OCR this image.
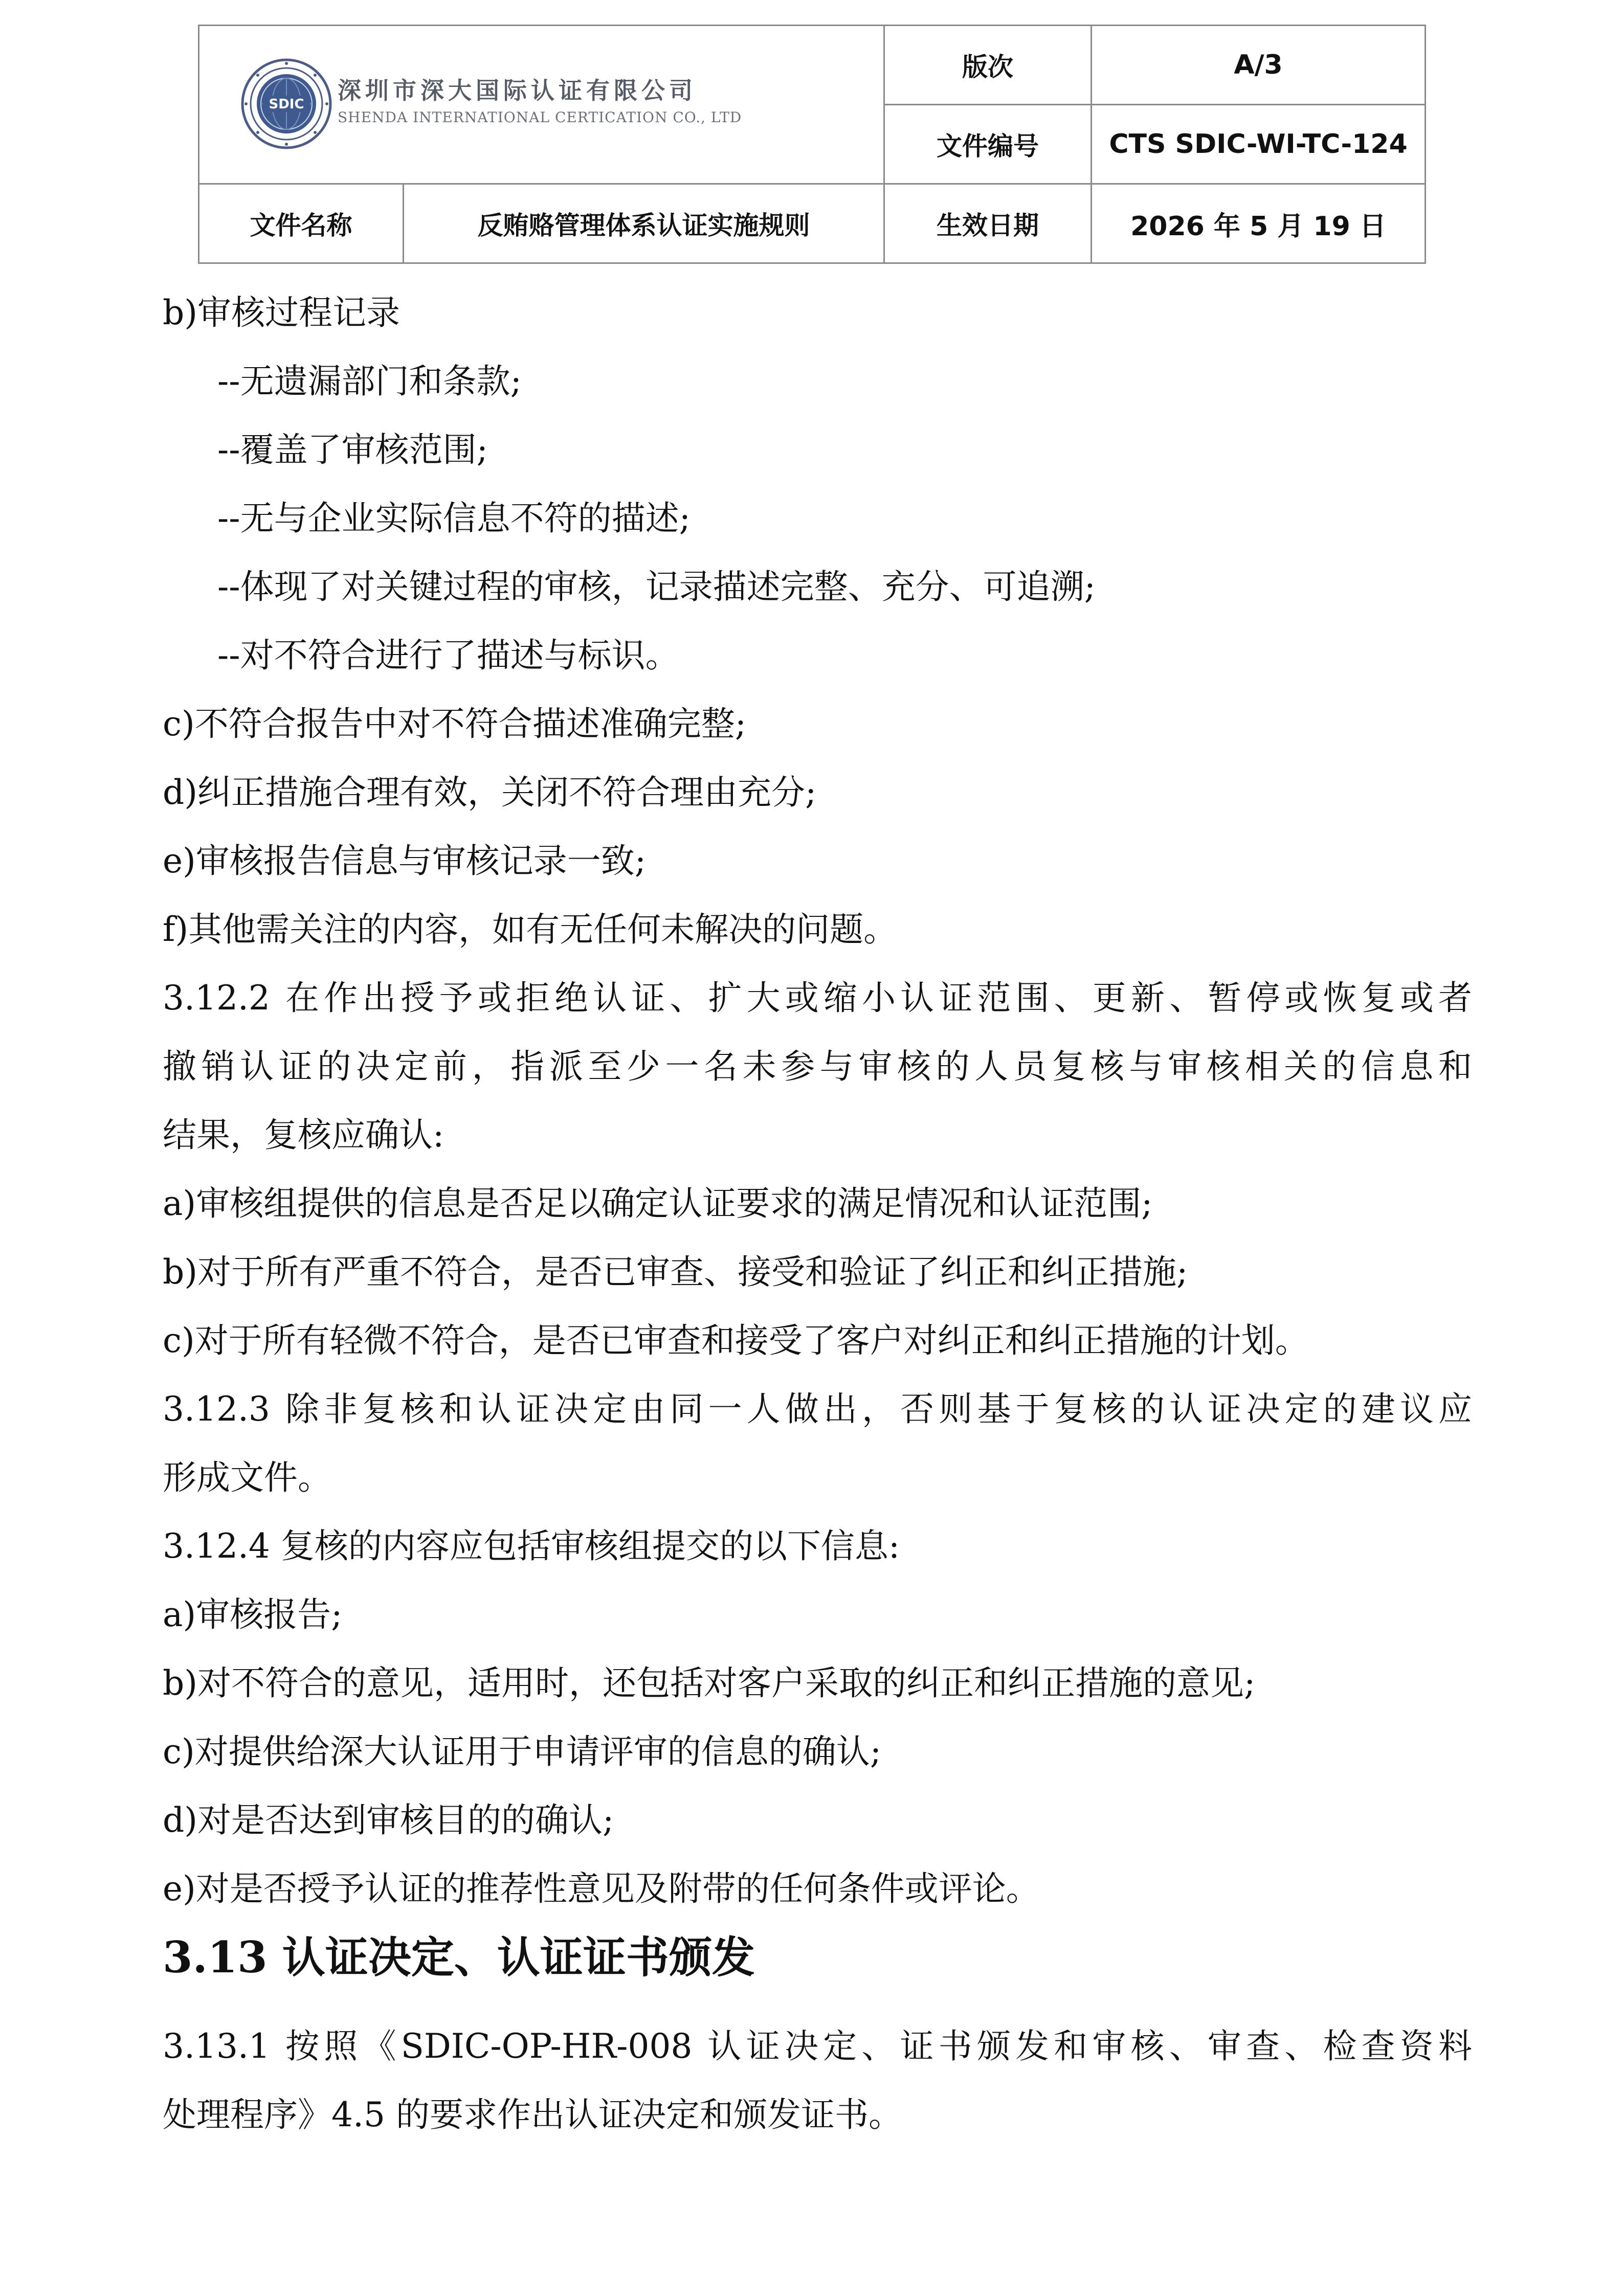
SDIC 深圳市深大国际认证有限公司
SHENDA INTERNATIONAL CERTICATION CO., LTD		版次	A/3
		文件编号	CTS SDIC-WI-TC-124
文件名称	反贿赂管理体系认证实施规则	生效日期	2026 年 5 月 19 日

b)审核过程记录

--无遗漏部门和条款;

--覆盖了审核范围;

--无与企业实际信息不符的描述;

--体现了对关键过程的审核，记录描述完整、充分、可追溯;

--对不符合进行了描述与标识。

c)不符合报告中对不符合描述准确完整;

d)纠正措施合理有效，关闭不符合理由充分;

e)审核报告信息与审核记录一致;

f)其他需关注的内容，如有无任何未解决的问题。

3.12.2 在作出授予或拒绝认证、扩大或缩小认证范围、更新、暂停或恢复或者

撤销认证的决定前，指派至少一名未参与审核的人员复核与审核相关的信息和

结果，复核应确认:

a)审核组提供的信息是否足以确定认证要求的满足情况和认证范围;

b)对于所有严重不符合，是否已审查、接受和验证了纠正和纠正措施;

c)对于所有轻微不符合，是否已审查和接受了客户对纠正和纠正措施的计划。

3.12.3 除非复核和认证决定由同一人做出，否则基于复核的认证决定的建议应

形成文件。

3.12.4 复核的内容应包括审核组提交的以下信息:

a)审核报告;

b)对不符合的意见，适用时，还包括对客户采取的纠正和纠正措施的意见;

c)对提供给深大认证用于申请评审的信息的确认;

d)对是否达到审核目的的确认;

e)对是否授予认证的推荐性意见及附带的任何条件或评论。

3.13 认证决定、认证证书颁发

3.13.1 按照《SDIC-OP-HR-008 认证决定、证书颁发和审核、审查、检查资料

处理程序》4.5 的要求作出认证决定和颁发证书。
